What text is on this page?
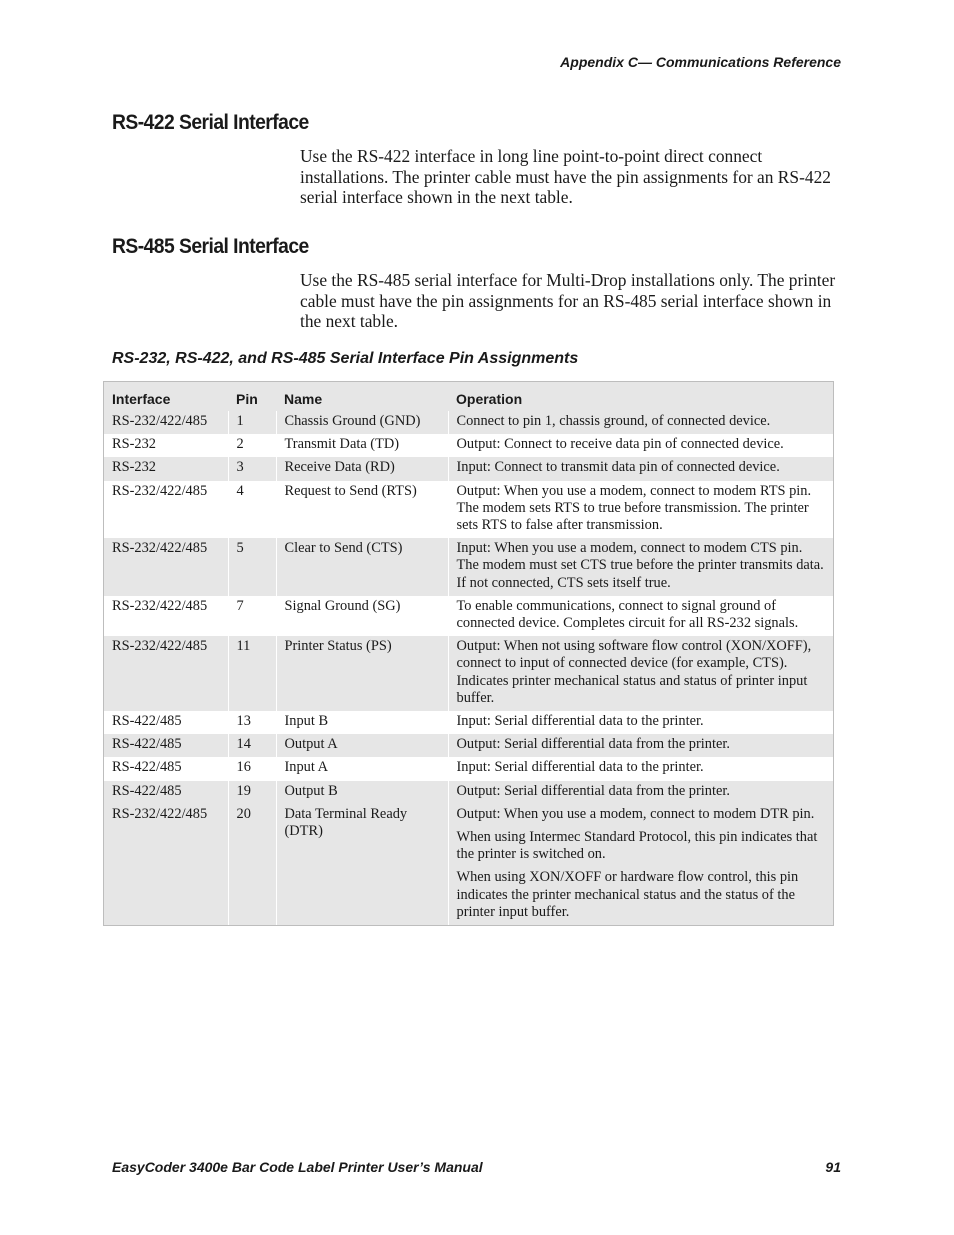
Appendix C— Communications Reference
RS-422 Serial Interface
Use the RS-422 interface in long line point-to-point direct connect installations. The printer cable must have the pin assignments for an RS-422 serial interface shown in the next table.
RS-485 Serial Interface
Use the RS-485 serial interface for Multi-Drop installations only. The printer cable must have the pin assignments for an RS-485 serial interface shown in the next table.
RS-232, RS-422, and RS-485 Serial Interface Pin Assignments
Interface	Pin	Name	Operation
RS-232/422/485	1	Chassis Ground (GND)	Connect to pin 1, chassis ground, of connected device.

RS-232	2	Transmit Data (TD)	Output: Connect to receive data pin of connected device.

RS-232	3	Receive Data (RD)	Input: Connect to transmit data pin of connected device.

RS-232/422/485	4	Request to Send (RTS)	Output: When you use a modem, connect to modem RTS pin. The modem sets RTS to true before transmission. The printer sets RTS to false after transmission.

RS-232/422/485	5	Clear to Send (CTS)	Input: When you use a modem, connect to modem CTS pin. The modem must set CTS true before the printer transmits data. If not connected, CTS sets itself true.

RS-232/422/485	7	Signal Ground (SG)	To enable communications, connect to signal ground of connected device. Completes circuit for all RS-232 signals.

RS-232/422/485	11	Printer Status (PS)	Output: When not using software flow control (XON/XOFF), connect to input of connected device (for example, CTS). Indicates printer mechanical status and status of printer input buffer.

RS-422/485	13	Input B	Input: Serial differential data to the printer.

RS-422/485	14	Output A	Output: Serial differential data from the printer.

RS-422/485	16	Input A	Input: Serial differential data to the printer.

RS-422/485	19	Output B	Output: Serial differential data from the printer.

RS-232/422/485	20	Data Terminal Ready (DTR)	Output: When you use a modem, connect to modem DTR pin.
When using Intermec Standard Protocol, this pin indicates that the printer is switched on.
When using XON/XOFF or hardware flow control, this pin indicates the printer mechanical status and the status of the printer input buffer.
EasyCoder 3400e Bar Code Label Printer User’s Manual	91
